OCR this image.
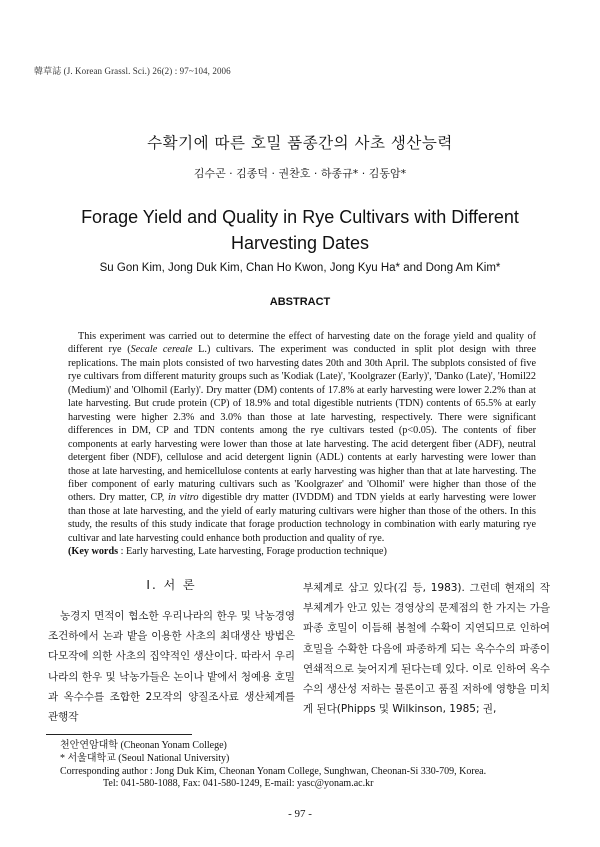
韓草誌 (J. Korean Grassl. Sci.) 26(2) : 97~104, 2006
수확기에 따른 호밀 품종간의 사초 생산능력
김수곤 · 김종덕 · 권찬호 · 하종규* · 김동암*
Forage Yield and Quality in Rye Cultivars with Different
Harvesting Dates
Su Gon Kim, Jong Duk Kim, Chan Ho Kwon, Jong Kyu Ha* and Dong Am Kim*
ABSTRACT

This experiment was carried out to determine the effect of harvesting date on the forage yield and quality of different rye (Secale cereale L.) cultivars. The experiment was conducted in split plot design with three replications. The main plots consisted of two harvesting dates 20th and 30th April. The subplots consisted of five rye cultivars from different maturity groups such as 'Kodiak (Late)', 'Koolgrazer (Early)', 'Danko (Late)', 'Homil22 (Medium)' and 'Olhomil (Early)'. Dry matter (DM) contents of 17.8% at early harvesting were lower 2.2% than at late harvesting. But crude protein (CP) of 18.9% and total digestible nutrients (TDN) contents of 65.5% at early harvesting were higher 2.3% and 3.0% than those at late harvesting, respectively. There were significant differences in DM, CP and TDN contents among the rye cultivars tested (p<0.05). The contents of fiber components at early harvesting were lower than those at late harvesting. The acid detergent fiber (ADF), neutral detergent fiber (NDF), cellulose and acid detergent lignin (ADL) contents at early harvesting were lower than those at late harvesting, and hemicellulose contents at early harvesting was higher than that at late harvesting. The fiber component of early maturing cultivars such as 'Koolgrazer' and 'Olhomil' were higher than those of the others. Dry matter, CP, in vitro digestible dry matter (IVDDM) and TDN yields at early harvesting were lower than those at late harvesting, and the yield of early maturing cultivars were higher than those of the others. In this study, the results of this study indicate that forage production technology in combination with early maturing rye cultivar and late harvesting could enhance both production and quality of rye.

(Key words : Early harvesting, Late harvesting, Forage production technique)

Ⅰ. 서 론

농경지 면적이 협소한 우리나라의 한우 및 낙농경영 조건하에서 논과 밭을 이용한 사초의 최대생산 방법은 다모작에 의한 사초의 집약적인 생산이다. 따라서 우리나라의 한우 및 낙농가들은 논이나 밭에서 청예용 호밀과 옥수수를 조합한 2모작의 양질조사료 생산체계를 관행작

부체계로 삼고 있다(김 등, 1983). 그런데 현재의 작부체계가 안고 있는 경영상의 문제점의 한 가지는 가을파종 호밀이 이듬해 봄철에 수확이 지연되므로 인하여 호밀을 수확한 다음에 파종하게 되는 옥수수의 파종이 연쇄적으로 늦어지게 된다는데 있다. 이로 인하여 옥수수의 생산성 저하는 물론이고 품질 저하에 영향을 미치게 된다(Phipps 및 Wilkinson, 1985; 권,

천안연암대학 (Cheonan Yonam College)
* 서울대학교 (Seoul National University)
Corresponding author : Jong Duk Kim, Cheonan Yonam College, Sunghwan, Cheonan-Si 330-709, Korea.
Tel: 041-580-1088, Fax: 041-580-1249, E-mail: yasc@yonam.ac.kr
- 97 -
